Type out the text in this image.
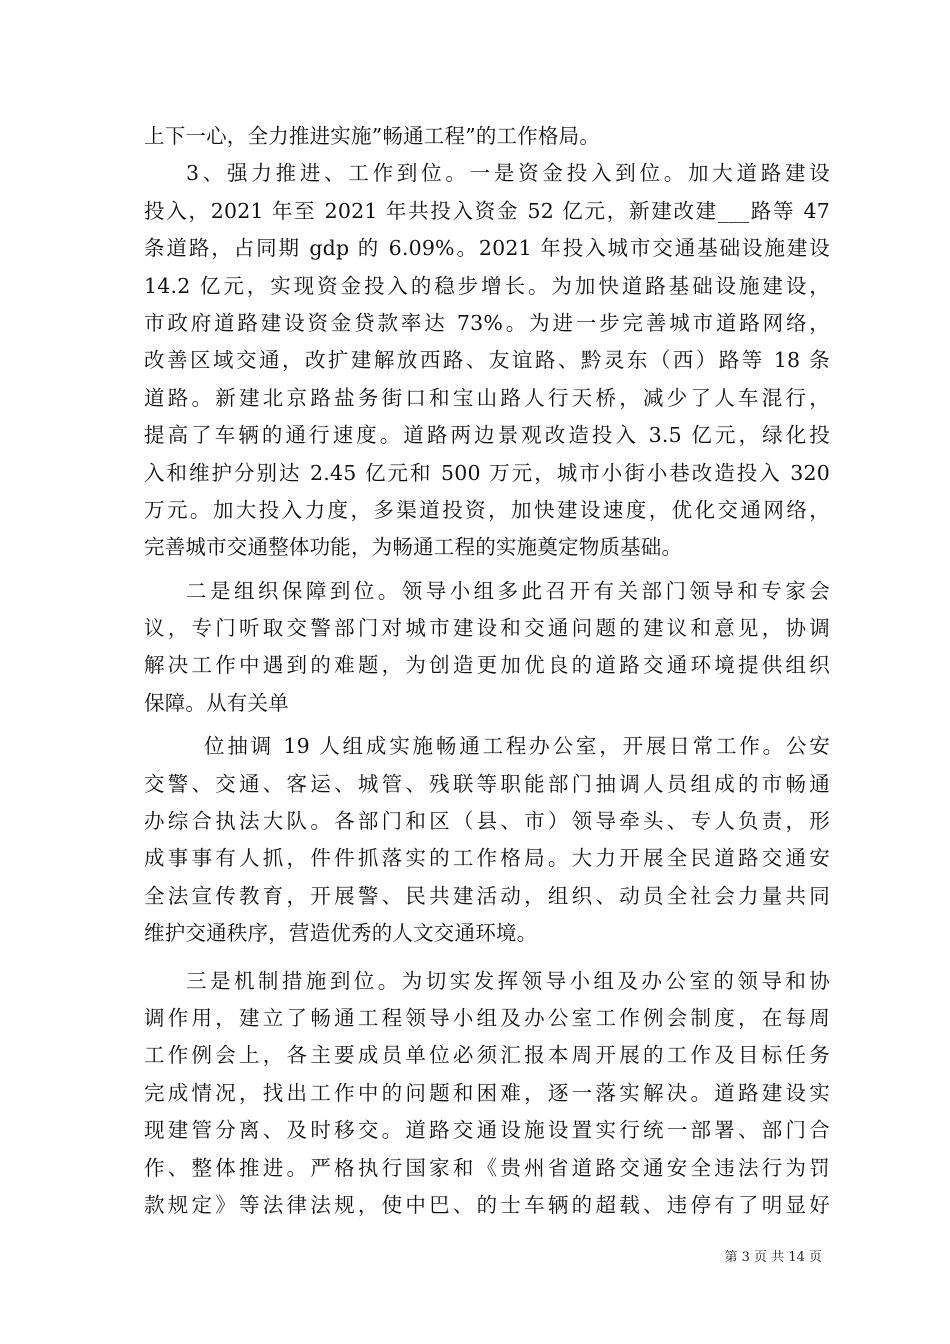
上下一心，全力推进实施”畅通工程”的工作格局。
3、强力推进、工作到位。一是资金投入到位。加大道路建设
投入，2021 年至 2021 年共投入资金 52 亿元，新建改建___路等 47
条道路，占同期 gdp 的 6.09%。2021 年投入城市交通基础设施建设
14.2 亿元，实现资金投入的稳步增长。为加快道路基础设施建设，
市政府道路建设资金贷款率达 73%。为进一步完善城市道路网络，
改善区域交通，改扩建解放西路、友谊路、黔灵东（西）路等 18 条
道路。新建北京路盐务街口和宝山路人行天桥，减少了人车混行，
提高了车辆的通行速度。道路两边景观改造投入 3.5 亿元，绿化投
入和维护分别达 2.45 亿元和 500 万元，城市小街小巷改造投入 320
万元。加大投入力度，多渠道投资，加快建设速度，优化交通网络，
完善城市交通整体功能，为畅通工程的实施奠定物质基础。
二是组织保障到位。领导小组多此召开有关部门领导和专家会
议，专门听取交警部门对城市建设和交通问题的建议和意见，协调
解决工作中遇到的难题，为创造更加优良的道路交通环境提供组织
保障。从有关单
位抽调 19 人组成实施畅通工程办公室，开展日常工作。公安
交警、交通、客运、城管、残联等职能部门抽调人员组成的市畅通
办综合执法大队。各部门和区（县、市）领导牵头、专人负责，形
成事事有人抓，件件抓落实的工作格局。大力开展全民道路交通安
全法宣传教育，开展警、民共建活动，组织、动员全社会力量共同
维护交通秩序，营造优秀的人文交通环境。
三是机制措施到位。为切实发挥领导小组及办公室的领导和协
调作用，建立了畅通工程领导小组及办公室工作例会制度，在每周
工作例会上，各主要成员单位必须汇报本周开展的工作及目标任务
完成情况，找出工作中的问题和困难，逐一落实解决。道路建设实
现建管分离、及时移交。道路交通设施设置实行统一部署、部门合
作、整体推进。严格执行国家和《贵州省道路交通安全违法行为罚
款规定》等法律法规，使中巴、的士车辆的超载、违停有了明显好
第 3 页 共 14 页
